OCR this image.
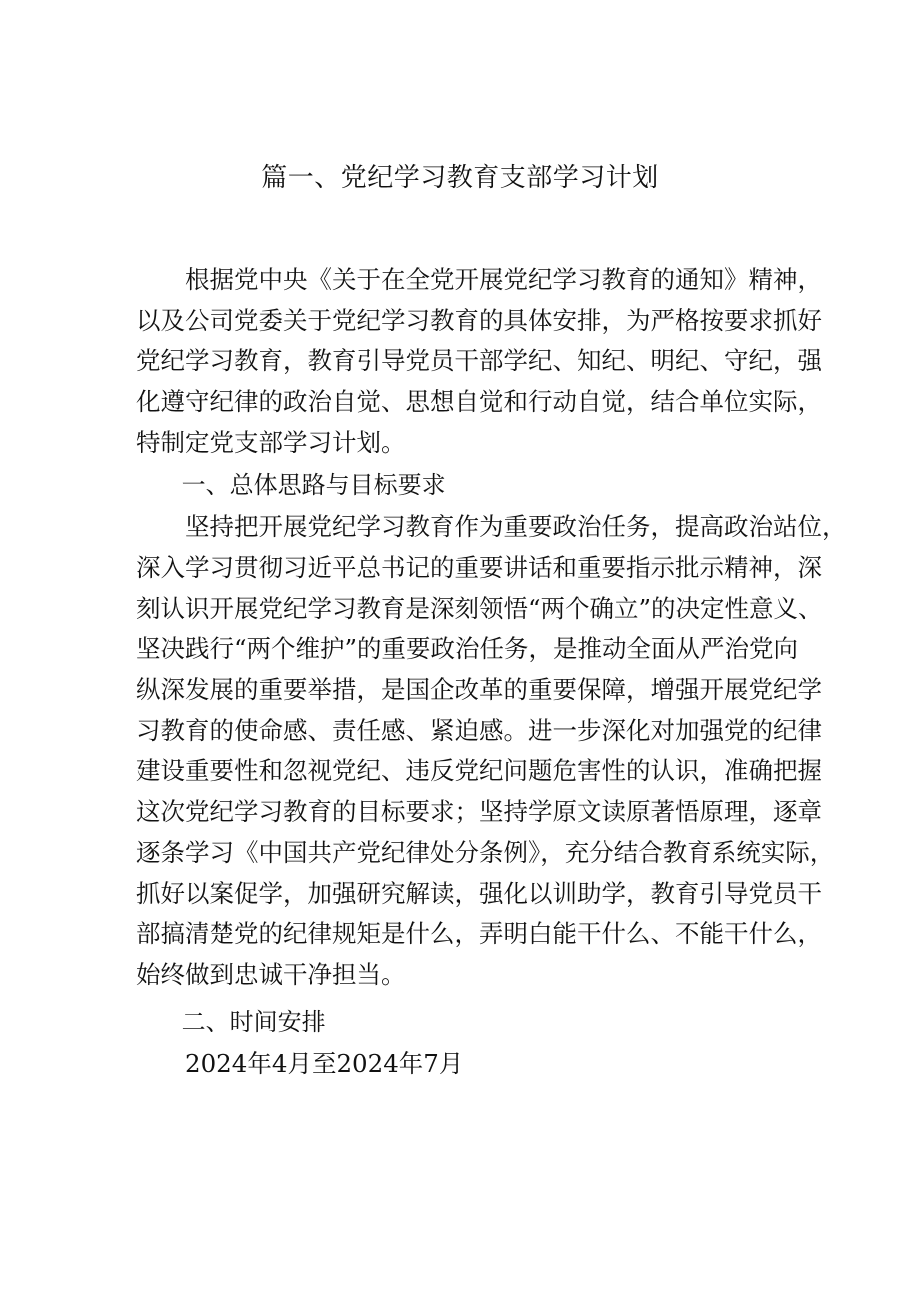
篇一、党纪学习教育支部学习计划

根据党中央《关于在全党开展党纪学习教育的通知》精神，
以及公司党委关于党纪学习教育的具体安排，为严格按要求抓好
党纪学习教育，教育引导党员干部学纪、知纪、明纪、守纪，强
化遵守纪律的政治自觉、思想自觉和行动自觉，结合单位实际，
特制定党支部学习计划。

一、总体思路与目标要求

坚持把开展党纪学习教育作为重要政治任务，提高政治站位，
深入学习贯彻习近平总书记的重要讲话和重要指示批示精神，深
刻认识开展党纪学习教育是深刻领悟“两个确立”的决定性意义、
坚决践行“两个维护”的重要政治任务，是推动全面从严治党向
纵深发展的重要举措，是国企改革的重要保障，增强开展党纪学
习教育的使命感、责任感、紧迫感。进一步深化对加强党的纪律
建设重要性和忽视党纪、违反党纪问题危害性的认识，准确把握
这次党纪学习教育的目标要求；坚持学原文读原著悟原理，逐章
逐条学习《中国共产党纪律处分条例》，充分结合教育系统实际，
抓好以案促学，加强研究解读，强化以训助学，教育引导党员干
部搞清楚党的纪律规矩是什么，弄明白能干什么、不能干什么，
始终做到忠诚干净担当。

二、时间安排

2024年4月至2024年7月
